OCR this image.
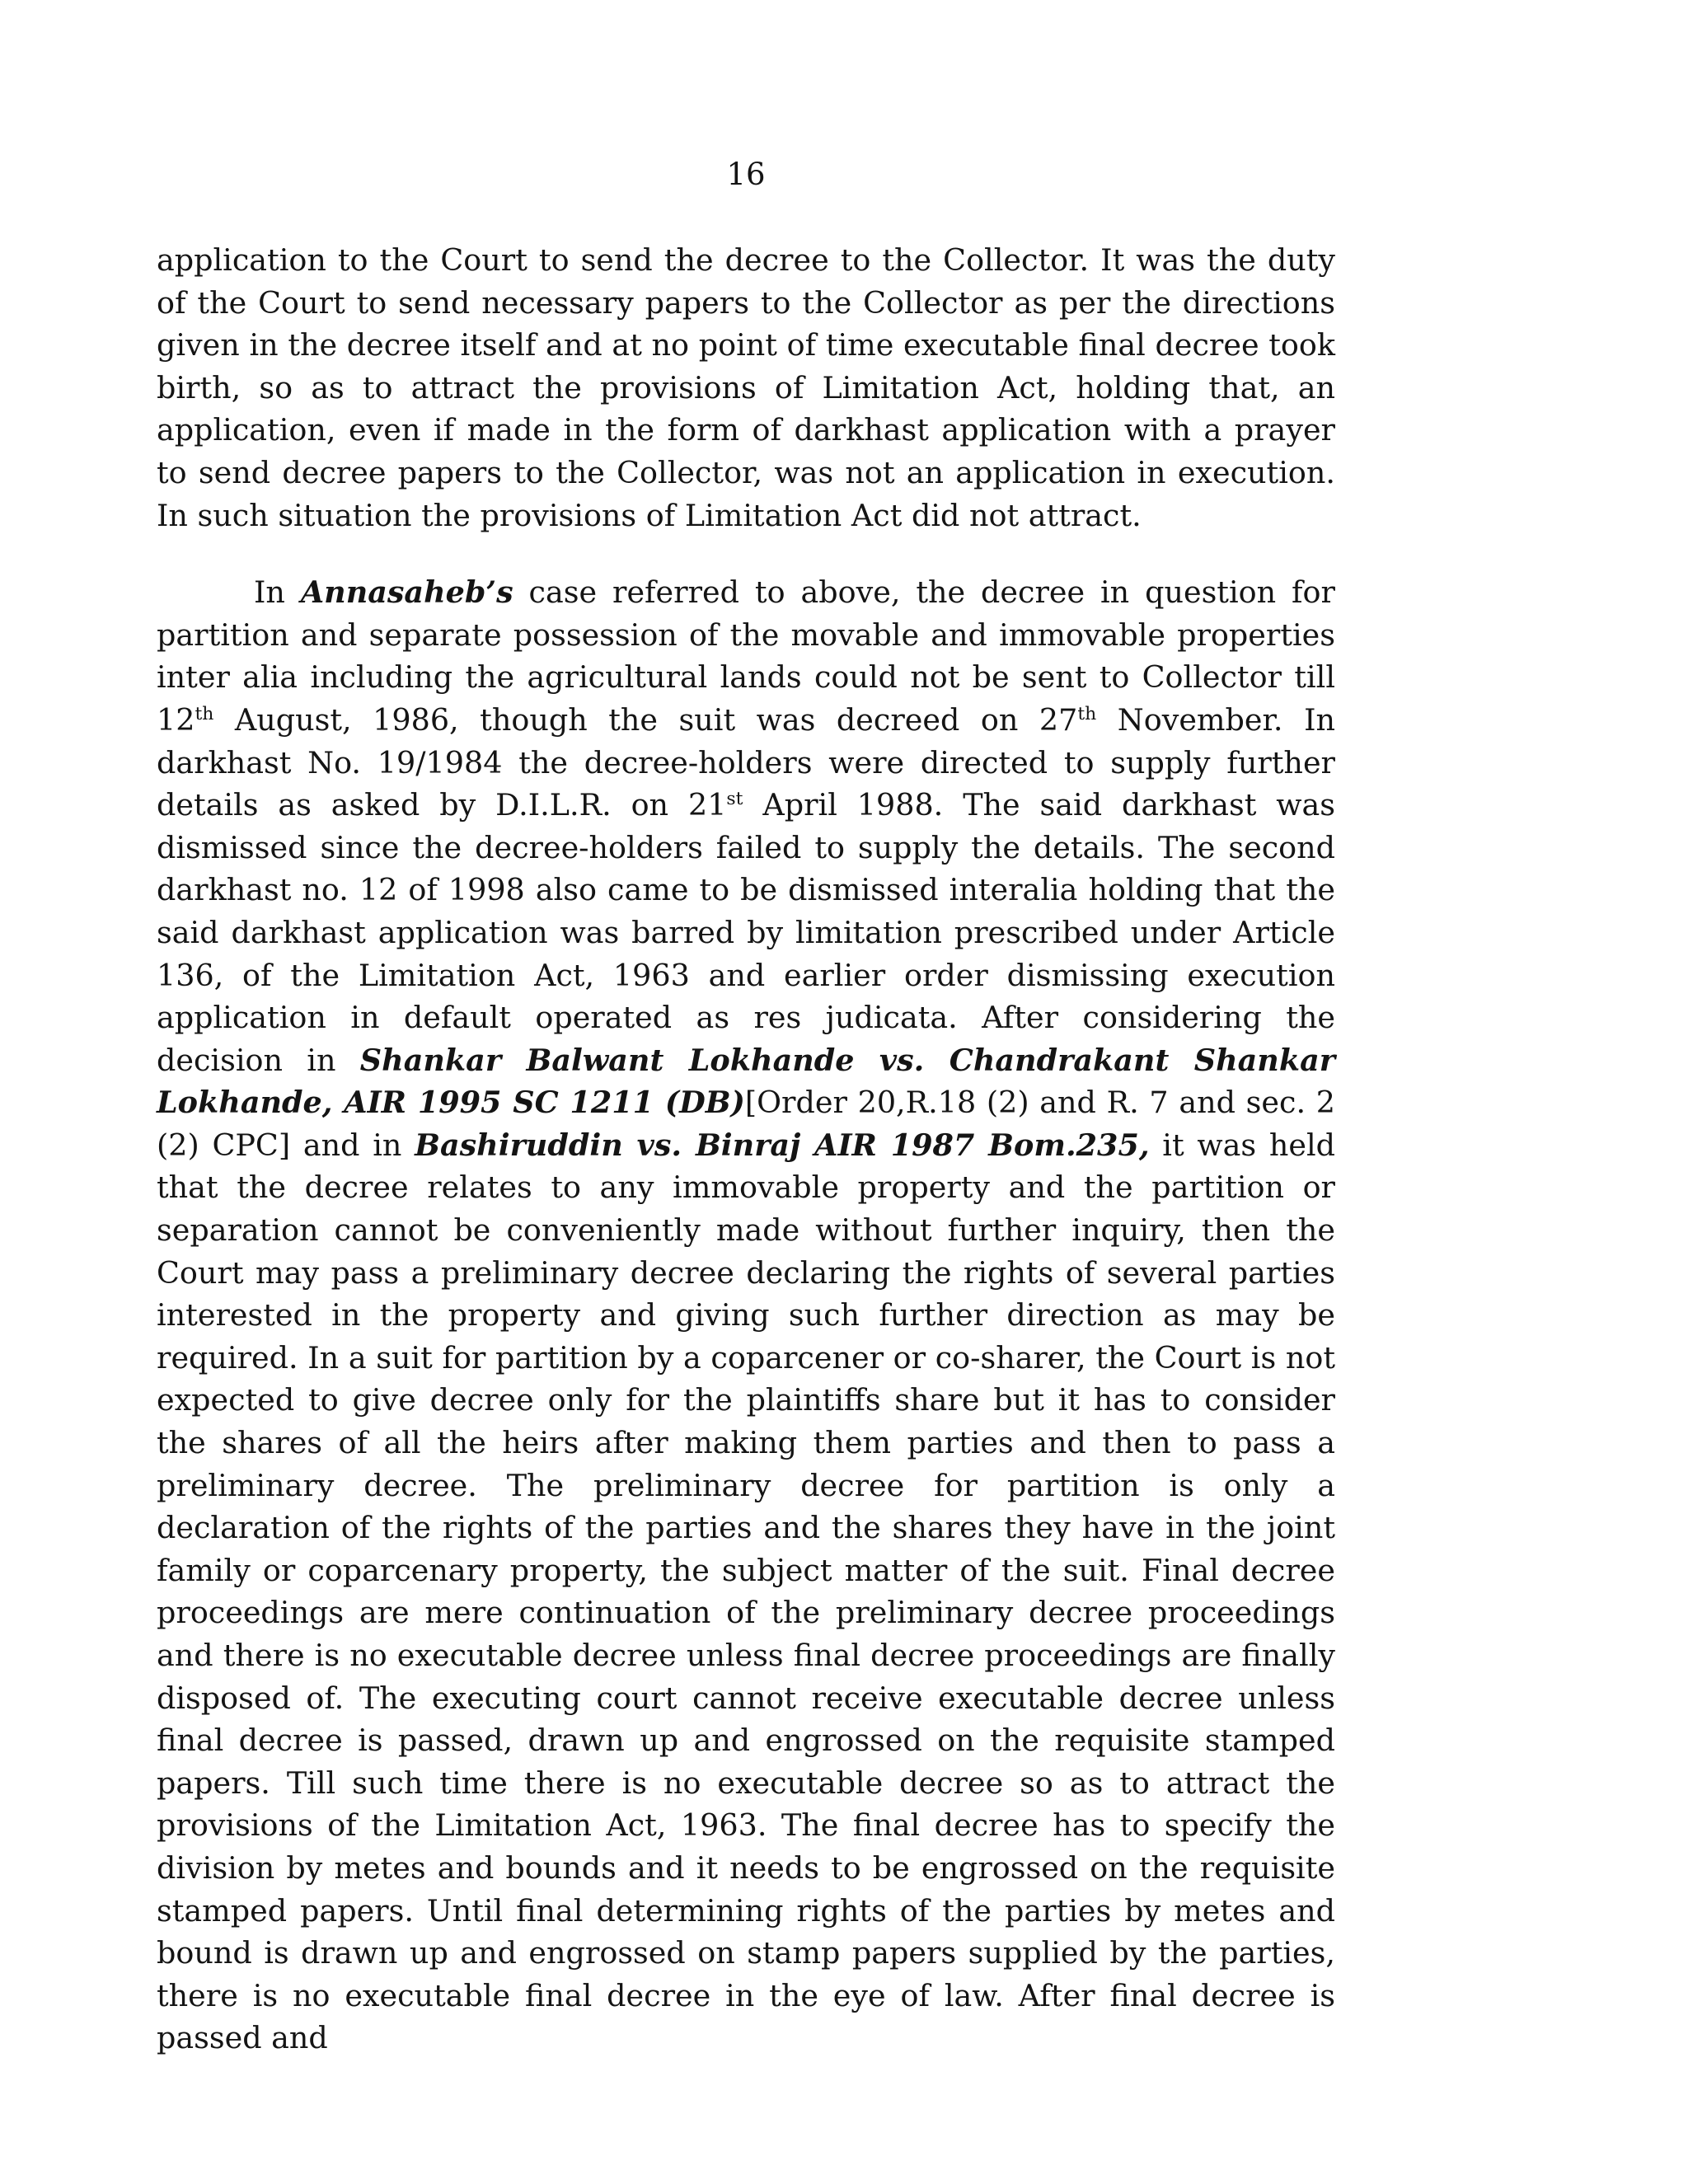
16

application to the Court to send the decree to the Collector. It was the duty of the Court to send necessary papers to the Collector as per the directions given in the decree itself and at no point of time executable final decree took birth, so as to attract the provisions of Limitation Act, holding that, an application, even if made in the form of darkhast application with a prayer to send decree papers to the Collector, was not an application in execution. In such situation the provisions of Limitation Act did not attract.

In Annasaheb’s case referred to above, the decree in question for partition and separate possession of the movable and immovable properties inter alia including the agricultural lands could not be sent to Collector till 12th August, 1986, though the suit was decreed on 27th November. In darkhast No. 19/1984 the decree-holders were directed to supply further details as asked by D.I.L.R. on 21st April 1988. The said darkhast was dismissed since the decree-holders failed to supply the details. The second darkhast no. 12 of 1998 also came to be dismissed interalia holding that the said darkhast application was barred by limitation prescribed under Article 136, of the Limitation Act, 1963 and earlier order dismissing execution application in default operated as res judicata. After considering the decision in Shankar Balwant Lokhande vs. Chandrakant Shankar Lokhande, AIR 1995 SC 1211 (DB)[Order 20,R.18 (2) and R. 7 and sec. 2 (2) CPC] and in Bashiruddin vs. Binraj AIR 1987 Bom.235, it was held that the decree relates to any immovable property and the partition or separation cannot be conveniently made without further inquiry, then the Court may pass a preliminary decree declaring the rights of several parties interested in the property and giving such further direction as may be required. In a suit for partition by a coparcener or co-sharer, the Court is not expected to give decree only for the plaintiffs share but it has to consider the shares of all the heirs after making them parties and then to pass a preliminary decree. The preliminary decree for partition is only a declaration of the rights of the parties and the shares they have in the joint family or coparcenary property, the subject matter of the suit. Final decree proceedings are mere continuation of the preliminary decree proceedings and there is no executable decree unless final decree proceedings are finally disposed of. The executing court cannot receive executable decree unless final decree is passed, drawn up and engrossed on the requisite stamped papers. Till such time there is no executable decree so as to attract the provisions of the Limitation Act, 1963. The final decree has to specify the division by metes and bounds and it needs to be engrossed on the requisite stamped papers. Until final determining rights of the parties by metes and bound is drawn up and engrossed on stamp papers supplied by the parties, there is no executable final decree in the eye of law. After final decree is passed and
